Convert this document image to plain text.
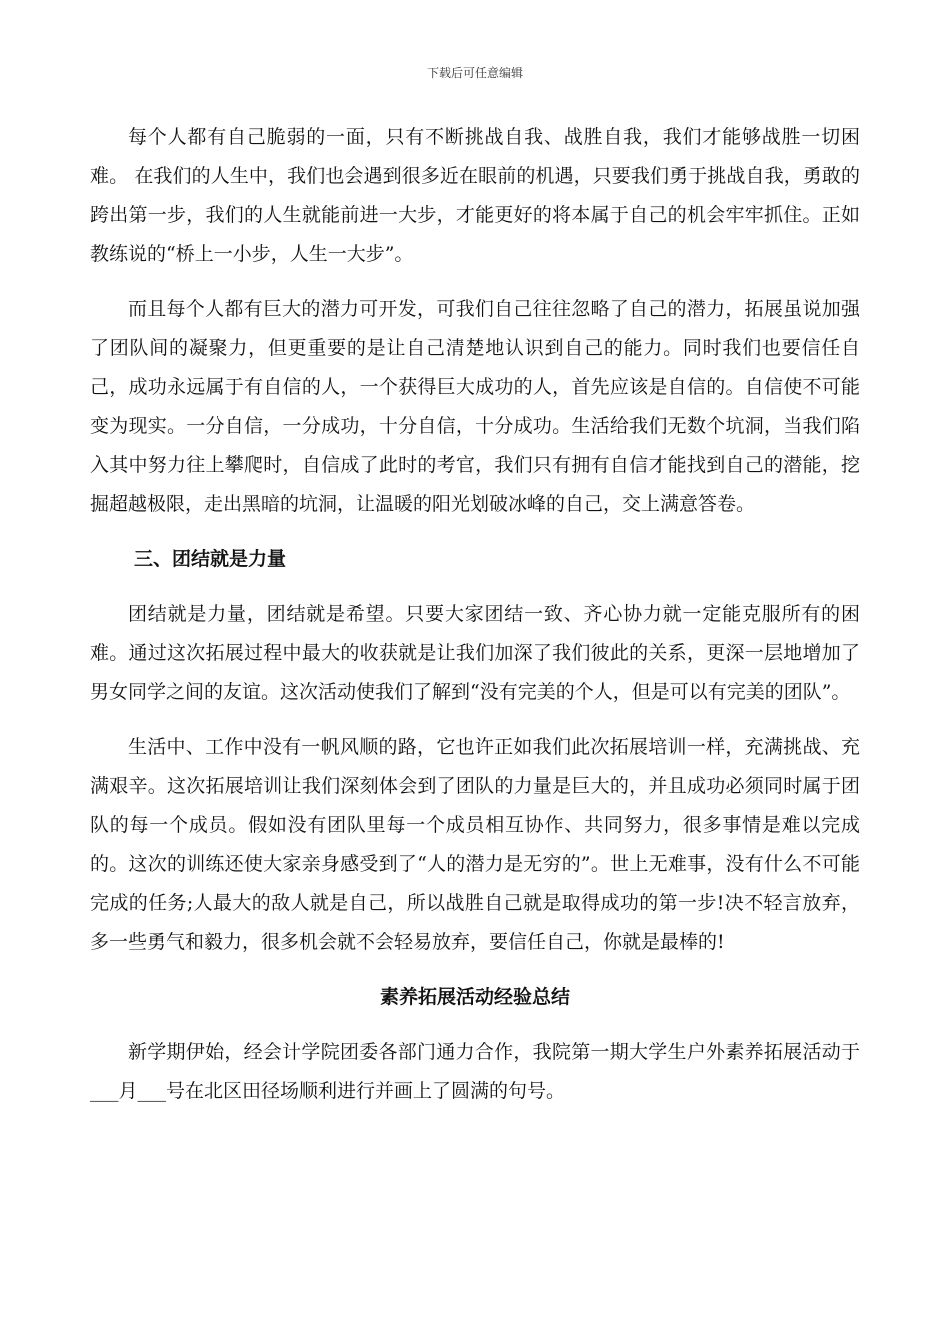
下载后可任意编辑

每个人都有自己脆弱的一面，只有不断挑战自我、战胜自我，我们才能够战胜一切困难。 在我们的人生中，我们也会遇到很多近在眼前的机遇，只要我们勇于挑战自我，勇敢的跨出第一步，我们的人生就能前进一大步，才能更好的将本属于自己的机会牢牢抓住。正如教练说的“桥上一小步，人生一大步”。

而且每个人都有巨大的潜力可开发，可我们自己往往忽略了自己的潜力，拓展虽说加强了团队间的凝聚力，但更重要的是让自己清楚地认识到自己的能力。同时我们也要信任自己，成功永远属于有自信的人，一个获得巨大成功的人，首先应该是自信的。自信使不可能变为现实。一分自信，一分成功，十分自信，十分成功。生活给我们无数个坑洞，当我们陷入其中努力往上攀爬时，自信成了此时的考官，我们只有拥有自信才能找到自己的潜能，挖掘超越极限，走出黑暗的坑洞，让温暖的阳光划破冰峰的自己，交上满意答卷。

三、团结就是力量

团结就是力量，团结就是希望。只要大家团结一致、齐心协力就一定能克服所有的困难。通过这次拓展过程中最大的收获就是让我们加深了我们彼此的关系，更深一层地增加了男女同学之间的友谊。这次活动使我们了解到“没有完美的个人，但是可以有完美的团队”。

生活中、工作中没有一帆风顺的路，它也许正如我们此次拓展培训一样，充满挑战、充满艰辛。这次拓展培训让我们深刻体会到了团队的力量是巨大的，并且成功必须同时属于团队的每一个成员。假如没有团队里每一个成员相互协作、共同努力，很多事情是难以完成的。这次的训练还使大家亲身感受到了“人的潜力是无穷的”。世上无难事，没有什么不可能完成的任务;人最大的敌人就是自己，所以战胜自己就是取得成功的第一步!决不轻言放弃，多一些勇气和毅力，很多机会就不会轻易放弃，要信任自己，你就是最棒的!

素养拓展活动经验总结

新学期伊始，经会计学院团委各部门通力合作，我院第一期大学生户外素养拓展活动于___月___号在北区田径场顺利进行并画上了圆满的句号。
